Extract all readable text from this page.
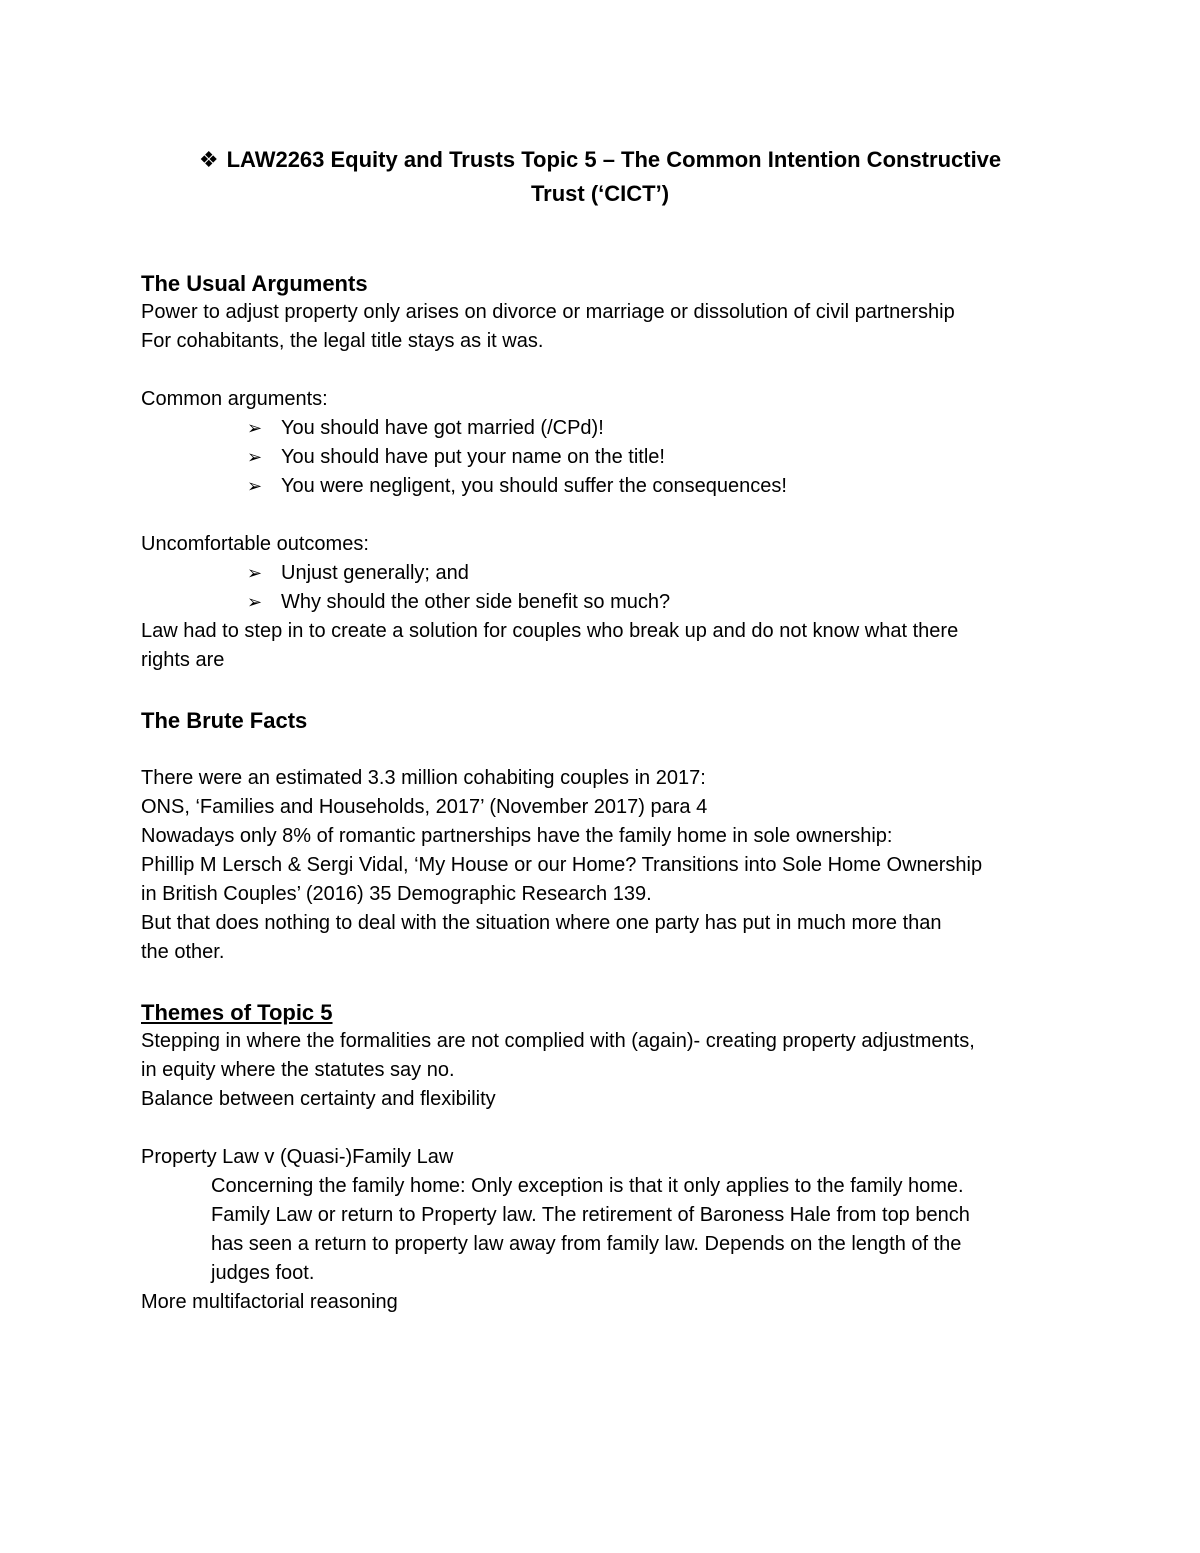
❖ LAW2263 Equity and Trusts Topic 5 – The Common Intention Constructive
Trust (‘CICT’)
The Usual Arguments
Power to adjust property only arises on divorce or marriage or dissolution of civil partnership
For cohabitants, the legal title stays as it was.
Common arguments:
➢ You should have got married (/CPd)!
➢ You should have put your name on the title!
➢ You were negligent, you should suffer the consequences!
Uncomfortable outcomes:
➢ Unjust generally; and
➢ Why should the other side benefit so much?
Law had to step in to create a solution for couples who break up and do not know what there
rights are
The Brute Facts
There were an estimated 3.3 million cohabiting couples in 2017:
ONS, ‘Families and Households, 2017’ (November 2017) para 4
Nowadays only 8% of romantic partnerships have the family home in sole ownership:
Phillip M Lersch & Sergi Vidal, ‘My House or our Home? Transitions into Sole Home Ownership
in British Couples’ (2016) 35 Demographic Research 139.
But that does nothing to deal with the situation where one party has put in much more than
the other.
Themes of Topic 5
Stepping in where the formalities are not complied with (again)- creating property adjustments,
in equity where the statutes say no.
Balance between certainty and flexibility
Property Law v (Quasi-)Family Law
Concerning the family home: Only exception is that it only applies to the family home.
Family Law or return to Property law. The retirement of Baroness Hale from top bench
has seen a return to property law away from family law. Depends on the length of the
judges foot.
More multifactorial reasoning
